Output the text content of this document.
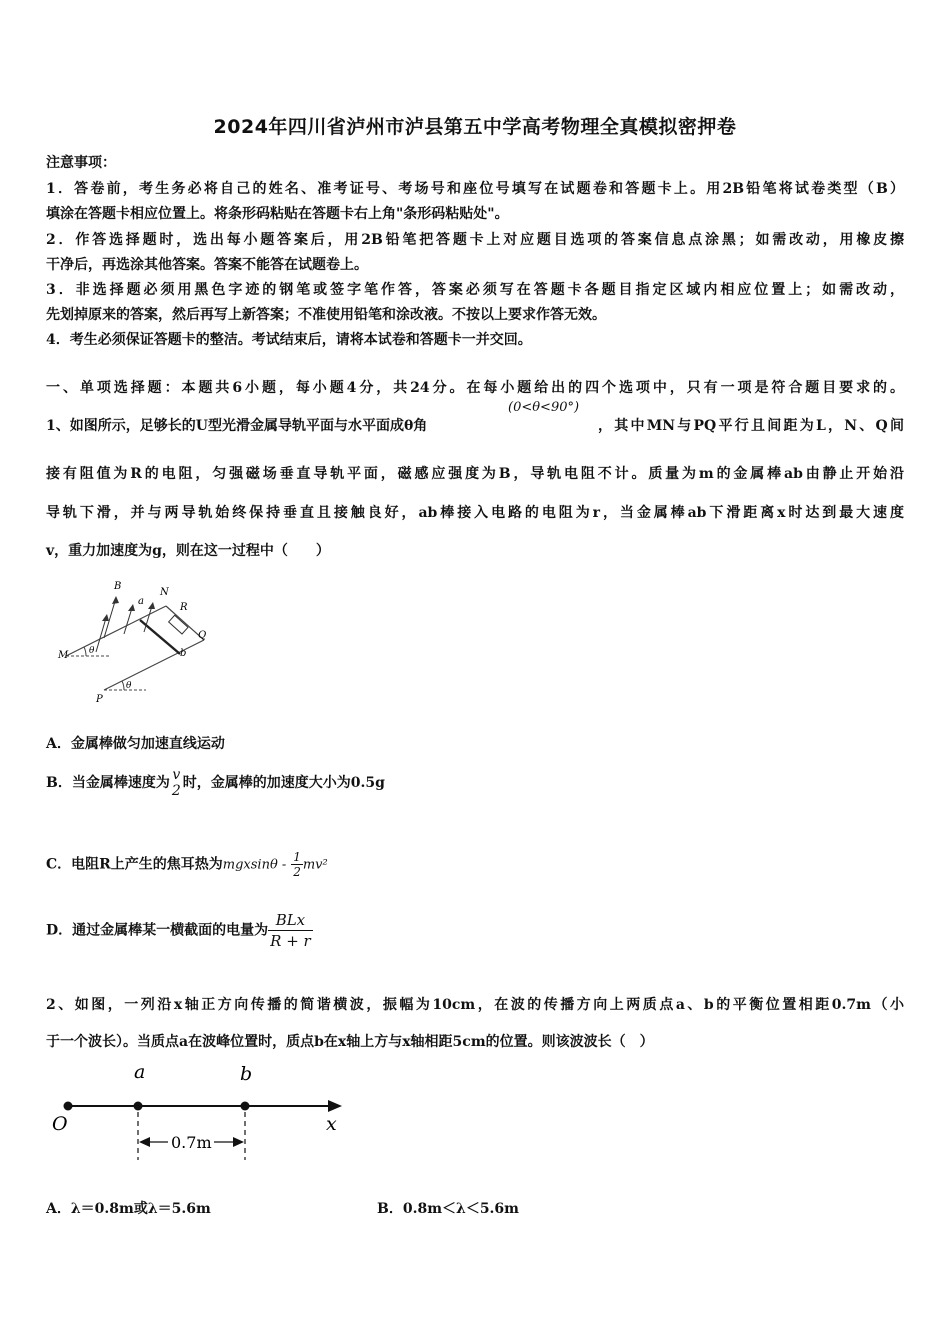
2024年四川省泸州市泸县第五中学高考物理全真模拟密押卷
注意事项：
1．答卷前，考生务必将自己的姓名、准考证号、考场号和座位号填写在试题卷和答题卡上。用2B铅笔将试卷类型（B）
填涂在答题卡相应位置上。将条形码粘贴在答题卡右上角"条形码粘贴处"。
2．作答选择题时，选出每小题答案后，用2B铅笔把答题卡上对应题目选项的答案信息点涂黑；如需改动，用橡皮擦
干净后，再选涂其他答案。答案不能答在试题卷上。
3．非选择题必须用黑色字迹的钢笔或签字笔作答，答案必须写在答题卡各题目指定区域内相应位置上；如需改动，
先划掉原来的答案，然后再写上新答案；不准使用铅笔和涂改液。不按以上要求作答无效。
4．考生必须保证答题卡的整洁。考试结束后，请将本试卷和答题卡一并交回。
一、单项选择题：本题共6小题，每小题4分，共24分。在每小题给出的四个选项中，只有一项是符合题目要求的。
1、如图所示，足够长的U型光滑金属导轨平面与水平面成θ角
(0<θ<90°)
，其中MN与PQ平行且间距为L，N、Q间
接有阻值为R的电阻，匀强磁场垂直导轨平面，磁感应强度为B，导轨电阻不计。质量为m的金属棒ab由静止开始沿
导轨下滑，并与两导轨始终保持垂直且接触良好，ab棒接入电路的电阻为r，当金属棒ab下滑距离x时达到最大速度
v，重力加速度为g，则在这一过程中（　　）
B
N
a
R
Q
M θ	b
P
θ
A．金属棒做匀加速直线运动
B．当金属棒速度为 v
2 时，金属棒的加速度大小为0.5g
C．电阻R上产生的焦耳热为mgxsinθ - $\frac{1}{2} mv^2$
D．通过金属棒某一横截面的电量为 $\frac{\text{BLx}}{R + r}$
2、如图，一列沿x轴正方向传播的简谐横波，振幅为10cm，在波的传播方向上两质点a、b的平衡位置相距0.7m（小
于一个波长）。当质点a在波峰位置时，质点b在x轴上方与x轴相距5cm的位置。则该波波长（　）
a	b
O	x
0.7m
A．λ＝0.8m或λ＝5.6m	B．0.8m＜λ＜5.6m
